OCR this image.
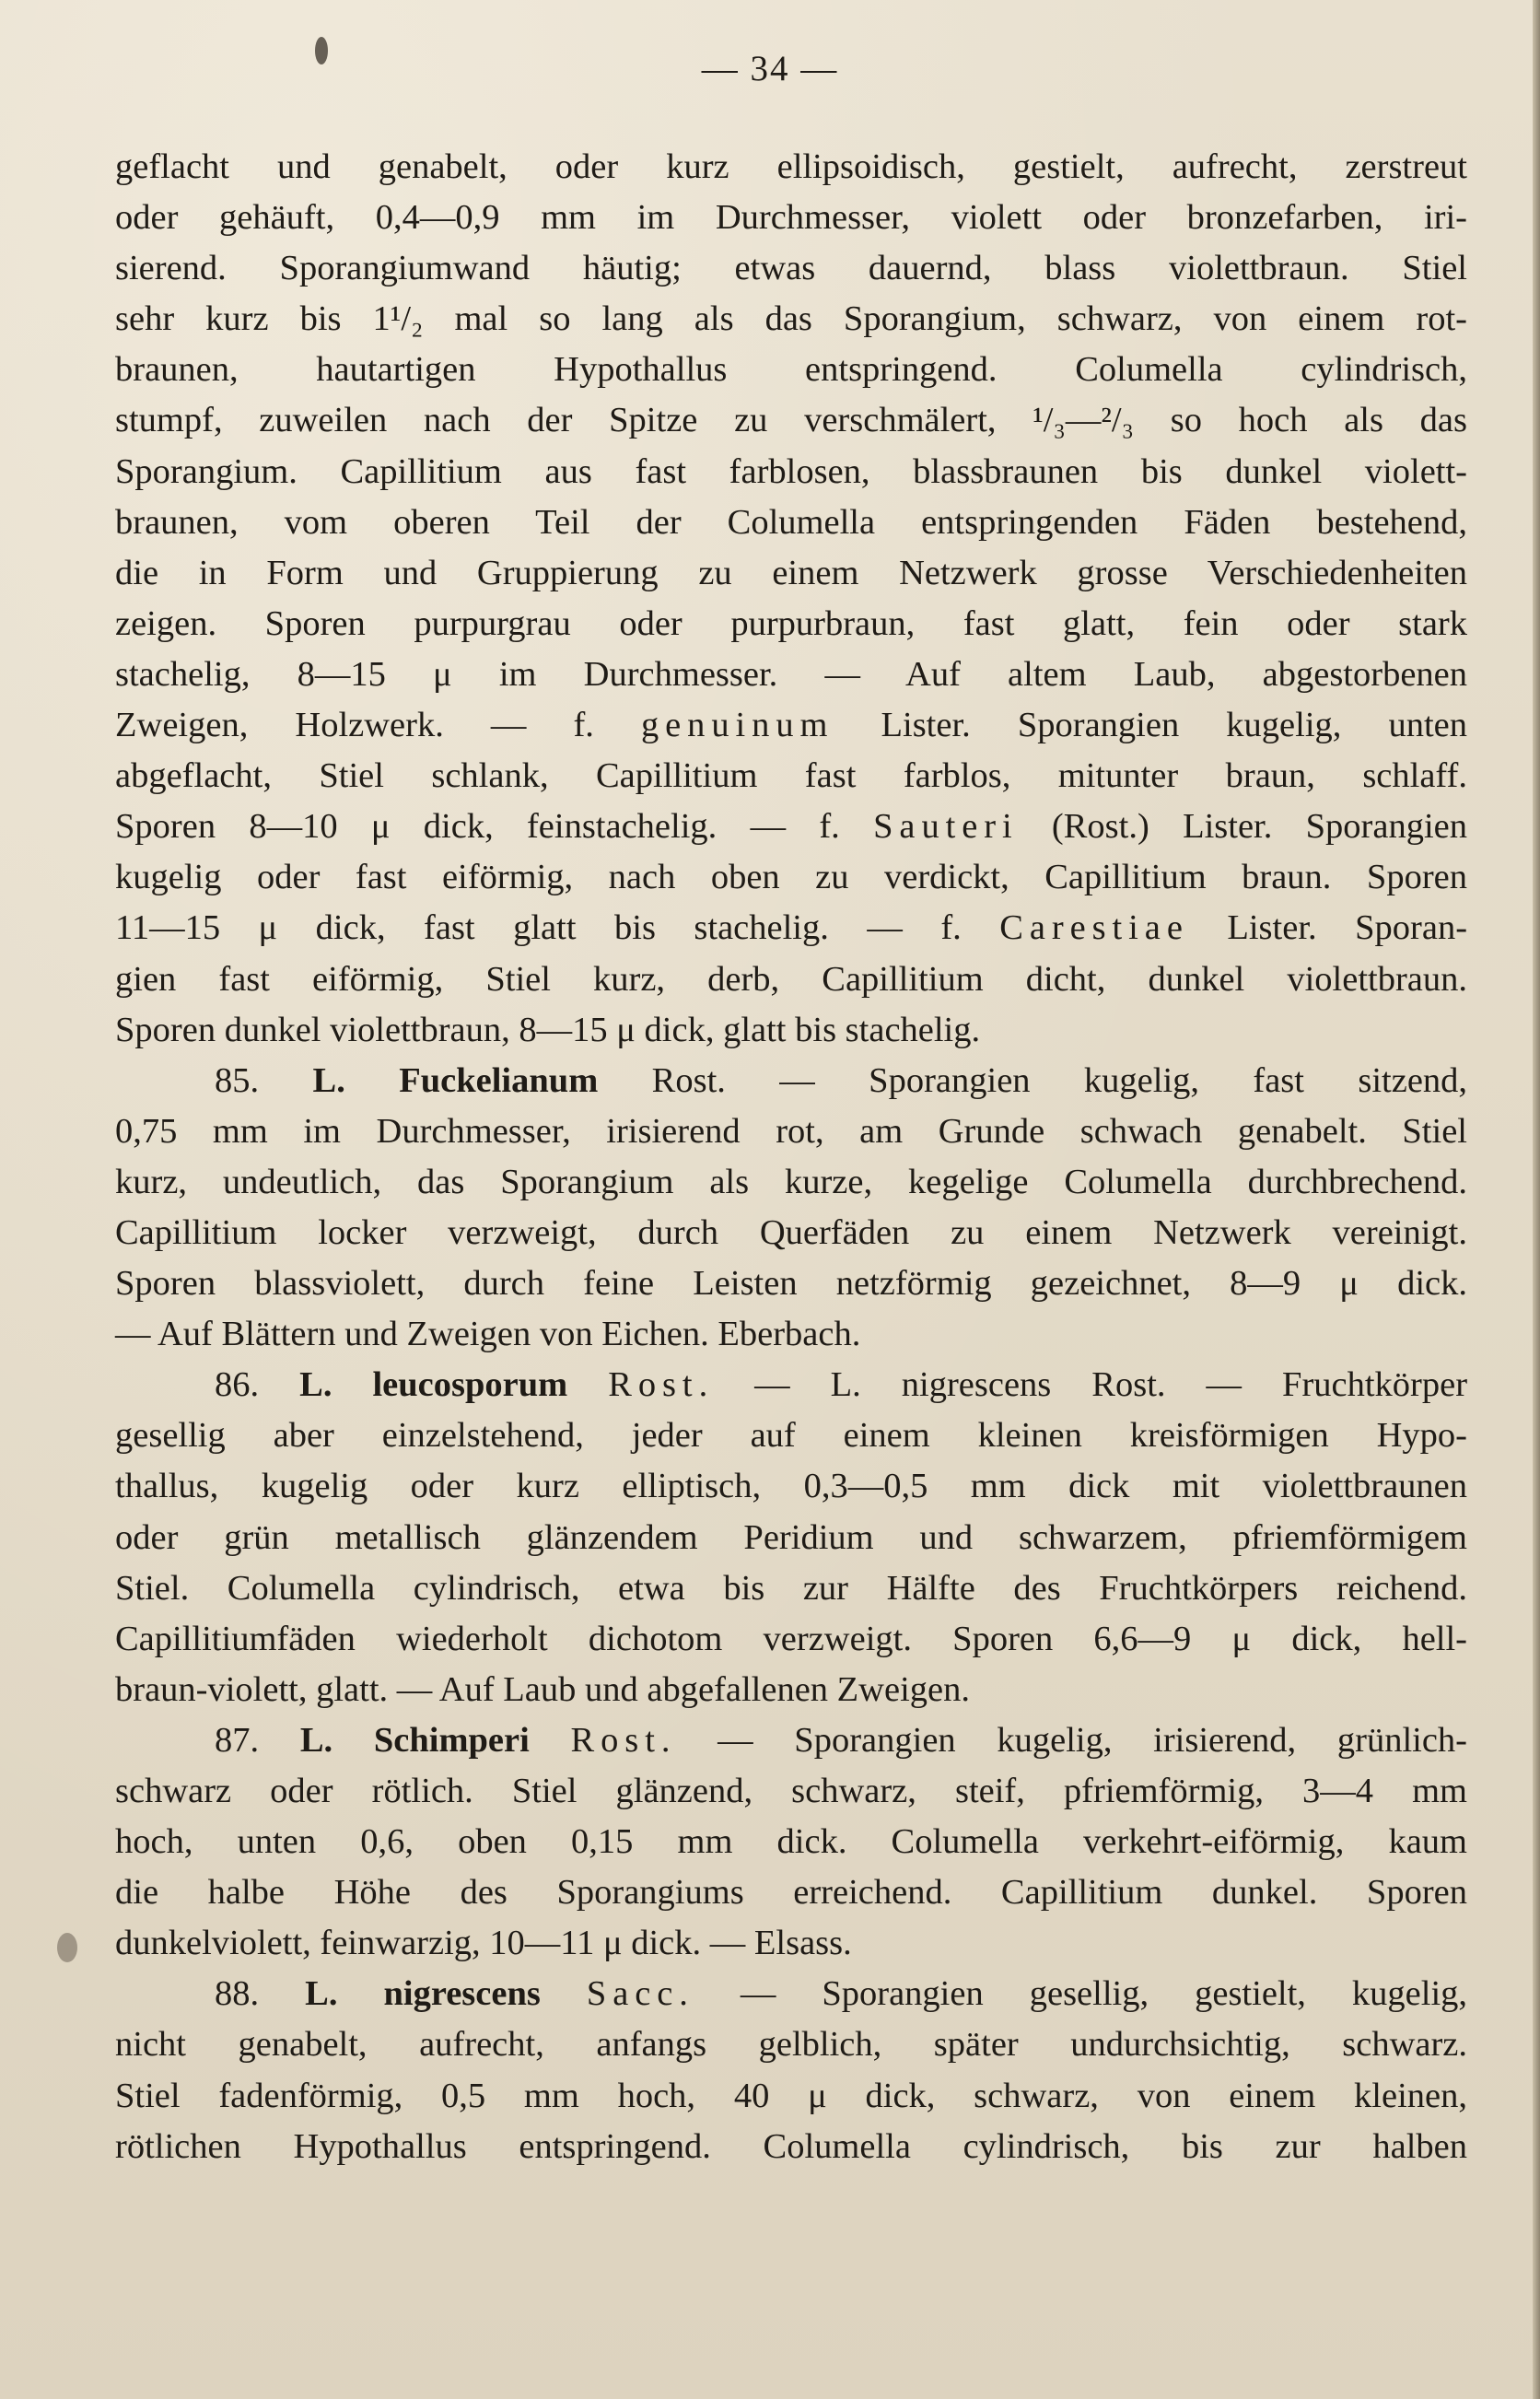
— 34 —
geflacht und genabelt, oder kurz ellipsoidisch, gestielt, aufrecht, zerstreut
oder gehäuft, 0,4—0,9 mm im Durchmesser, violett oder bronzefarben, iri-
sierend. Sporangiumwand häutig; etwas dauernd, blass violettbraun. Stiel
sehr kurz bis 1¹/₂ mal so lang als das Sporangium, schwarz, von einem rot-
braunen, hautartigen Hypothallus entspringend. Columella cylindrisch,
stumpf, zuweilen nach der Spitze zu verschmälert, ¹/₃—²/₃ so hoch als das
Sporangium. Capillitium aus fast farblosen, blassbraunen bis dunkel violett-
braunen, vom oberen Teil der Columella entspringenden Fäden bestehend,
die in Form und Gruppierung zu einem Netzwerk grosse Verschiedenheiten
zeigen. Sporen purpurgrau oder purpurbraun, fast glatt, fein oder stark
stachelig, 8—15 μ im Durchmesser. — Auf altem Laub, abgestorbenen
Zweigen, Holzwerk. — f. genuinum Lister. Sporangien kugelig, unten
abgeflacht, Stiel schlank, Capillitium fast farblos, mitunter braun, schlaff.
Sporen 8—10 μ dick, feinstachelig. — f. Sauteri (Rost.) Lister. Sporangien
kugelig oder fast eiförmig, nach oben zu verdickt, Capillitium braun. Sporen
11—15 μ dick, fast glatt bis stachelig. — f. Carestiae Lister. Sporan-
gien fast eiförmig, Stiel kurz, derb, Capillitium dicht, dunkel violettbraun.
Sporen dunkel violettbraun, 8—15 μ dick, glatt bis stachelig.
85. L. Fuckelianum Rost. — Sporangien kugelig, fast sitzend,
0,75 mm im Durchmesser, irisierend rot, am Grunde schwach genabelt. Stiel
kurz, undeutlich, das Sporangium als kurze, kegelige Columella durchbrechend.
Capillitium locker verzweigt, durch Querfäden zu einem Netzwerk vereinigt.
Sporen blassviolett, durch feine Leisten netzförmig gezeichnet, 8—9 μ dick.
— Auf Blättern und Zweigen von Eichen. Eberbach.
86. L. leucosporum Rost. — L. nigrescens Rost. — Fruchtkörper
gesellig aber einzelstehend, jeder auf einem kleinen kreisförmigen Hypo-
thallus, kugelig oder kurz elliptisch, 0,3—0,5 mm dick mit violettbraunen
oder grün metallisch glänzendem Peridium und schwarzem, pfriemförmigem
Stiel. Columella cylindrisch, etwa bis zur Hälfte des Fruchtkörpers reichend.
Capillitiumfäden wiederholt dichotom verzweigt. Sporen 6,6—9 μ dick, hell-
braun-violett, glatt. — Auf Laub und abgefallenen Zweigen.
87. L. Schimperi Rost. — Sporangien kugelig, irisierend, grünlich-
schwarz oder rötlich. Stiel glänzend, schwarz, steif, pfriemförmig, 3—4 mm
hoch, unten 0,6, oben 0,15 mm dick. Columella verkehrt-eiförmig, kaum
die halbe Höhe des Sporangiums erreichend. Capillitium dunkel. Sporen
dunkelviolett, feinwarzig, 10—11 μ dick. — Elsass.
88. L. nigrescens Sacc. — Sporangien gesellig, gestielt, kugelig,
nicht genabelt, aufrecht, anfangs gelblich, später undurchsichtig, schwarz.
Stiel fadenförmig, 0,5 mm hoch, 40 μ dick, schwarz, von einem kleinen,
rötlichen Hypothallus entspringend. Columella cylindrisch, bis zur halben
